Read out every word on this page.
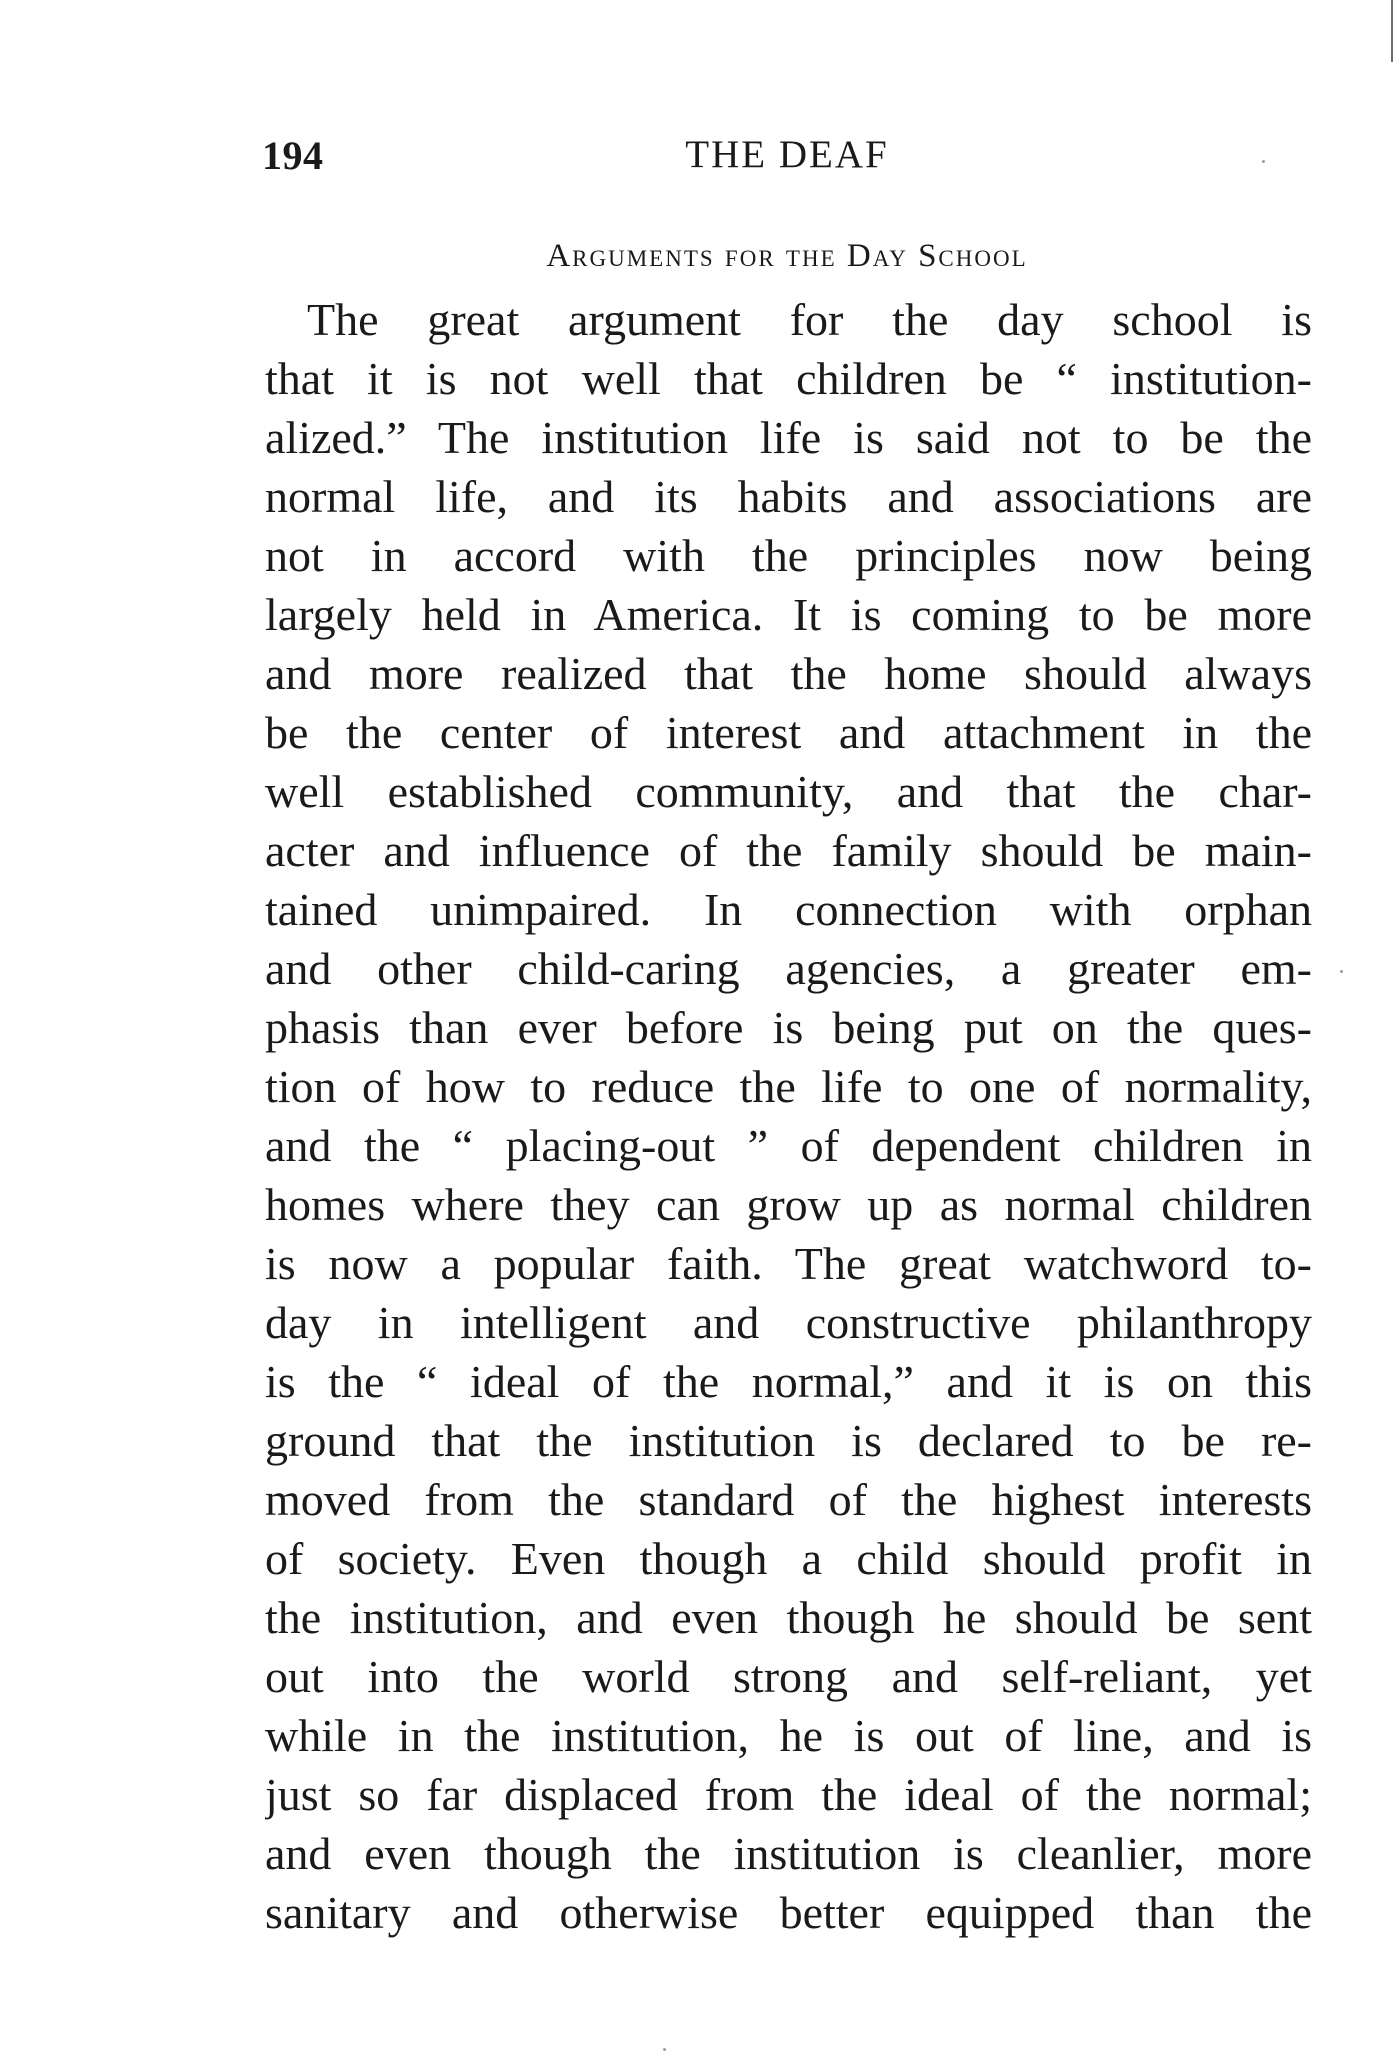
194	THE DEAF
Arguments for the Day School
The great argument for the day school is
that it is not well that children be “ institution-
alized.” The institution life is said not to be the
normal life, and its habits and associations are
not in accord with the principles now being
largely held in America. It is coming to be more
and more realized that the home should always
be the center of interest and attachment in the
well established community, and that the char-
acter and influence of the family should be main-
tained unimpaired. In connection with orphan
and other child-caring agencies, a greater em-
phasis than ever before is being put on the ques-
tion of how to reduce the life to one of normality,
and the “ placing-out ” of dependent children in
homes where they can grow up as normal children
is now a popular faith. The great watchword to-
day in intelligent and constructive philanthropy
is the “ ideal of the normal,” and it is on this
ground that the institution is declared to be re-
moved from the standard of the highest interests
of society. Even though a child should profit in
the institution, and even though he should be sent
out into the world strong and self-reliant, yet
while in the institution, he is out of line, and is
just so far displaced from the ideal of the normal;
and even though the institution is cleanlier, more
sanitary and otherwise better equipped than the
